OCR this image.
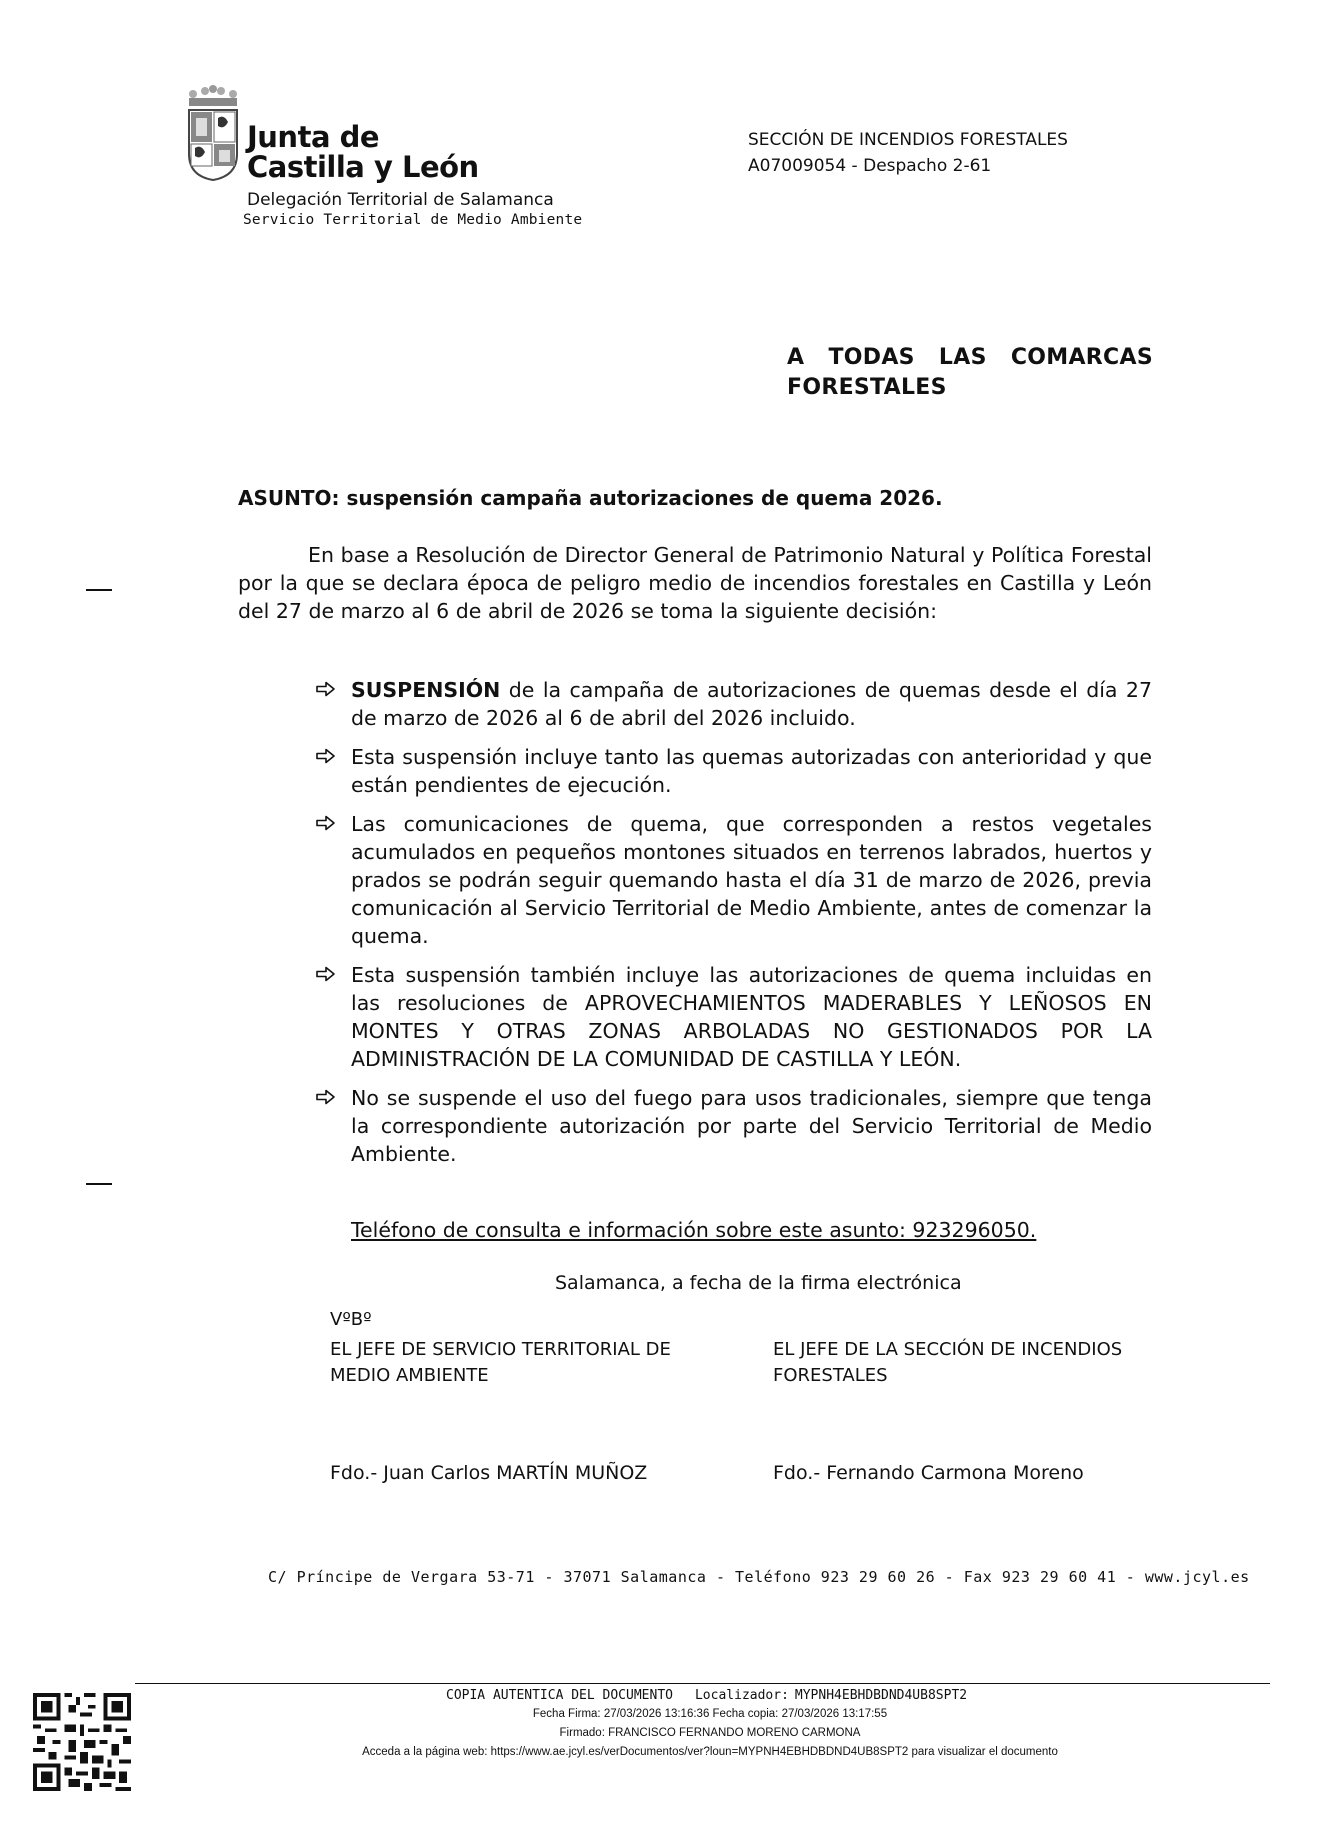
Junta de
Castilla y León
Delegación Territorial de Salamanca
Servicio Territorial de Medio Ambiente
SECCIÓN DE INCENDIOS FORESTALES
A07009054 - Despacho 2-61
A TODAS LAS COMARCAS
FORESTALES
ASUNTO: suspensión campaña autorizaciones de quema 2026.
En base a Resolución de Director General de Patrimonio Natural y Política Forestal por la que se declara época de peligro medio de incendios forestales en Castilla y León del 27 de marzo al 6 de abril de 2026 se toma la siguiente decisión:
SUSPENSIÓN de la campaña de autorizaciones de quemas desde el día 27 de marzo de 2026 al 6 de abril del 2026 incluido.
Esta suspensión incluye tanto las quemas autorizadas con anterioridad y que están pendientes de ejecución.
Las comunicaciones de quema, que corresponden a restos vegetales acumulados en pequeños montones situados en terrenos labrados, huertos y prados se podrán seguir quemando hasta el día 31 de marzo de 2026, previa comunicación al Servicio Territorial de Medio Ambiente, antes de comenzar la quema.
Esta suspensión también incluye las autorizaciones de quema incluidas en las resoluciones de APROVECHAMIENTOS MADERABLES Y LEÑOSOS EN MONTES Y OTRAS ZONAS ARBOLADAS NO GESTIONADOS POR LA ADMINISTRACIÓN DE LA COMUNIDAD DE CASTILLA Y LEÓN.
No se suspende el uso del fuego para usos tradicionales, siempre que tenga la correspondiente autorización por parte del Servicio Territorial de Medio Ambiente.
Teléfono de consulta e información sobre este asunto: 923296050.
Salamanca, a fecha de la firma electrónica
VºBº
EL JEFE DE SERVICIO TERRITORIAL DE MEDIO AMBIENTE
EL JEFE DE LA SECCIÓN DE INCENDIOS FORESTALES
Fdo.- Juan Carlos MARTÍN MUÑOZ	Fdo.- Fernando Carmona Moreno
C/ Príncipe de Vergara 53-71 - 37071 Salamanca - Teléfono 923 29 60 26 - Fax 923 29 60 41 - www.jcyl.es
COPIA AUTENTICA DEL DOCUMENTO Localizador: MYPNH4EBHDBDND4UB8SPT2
Fecha Firma: 27/03/2026 13:16:36 Fecha copia: 27/03/2026 13:17:55
Firmado: FRANCISCO FERNANDO MORENO CARMONA
Acceda a la página web: https://www.ae.jcyl.es/verDocumentos/ver?loun=MYPNH4EBHDBDND4UB8SPT2 para visualizar el documento
